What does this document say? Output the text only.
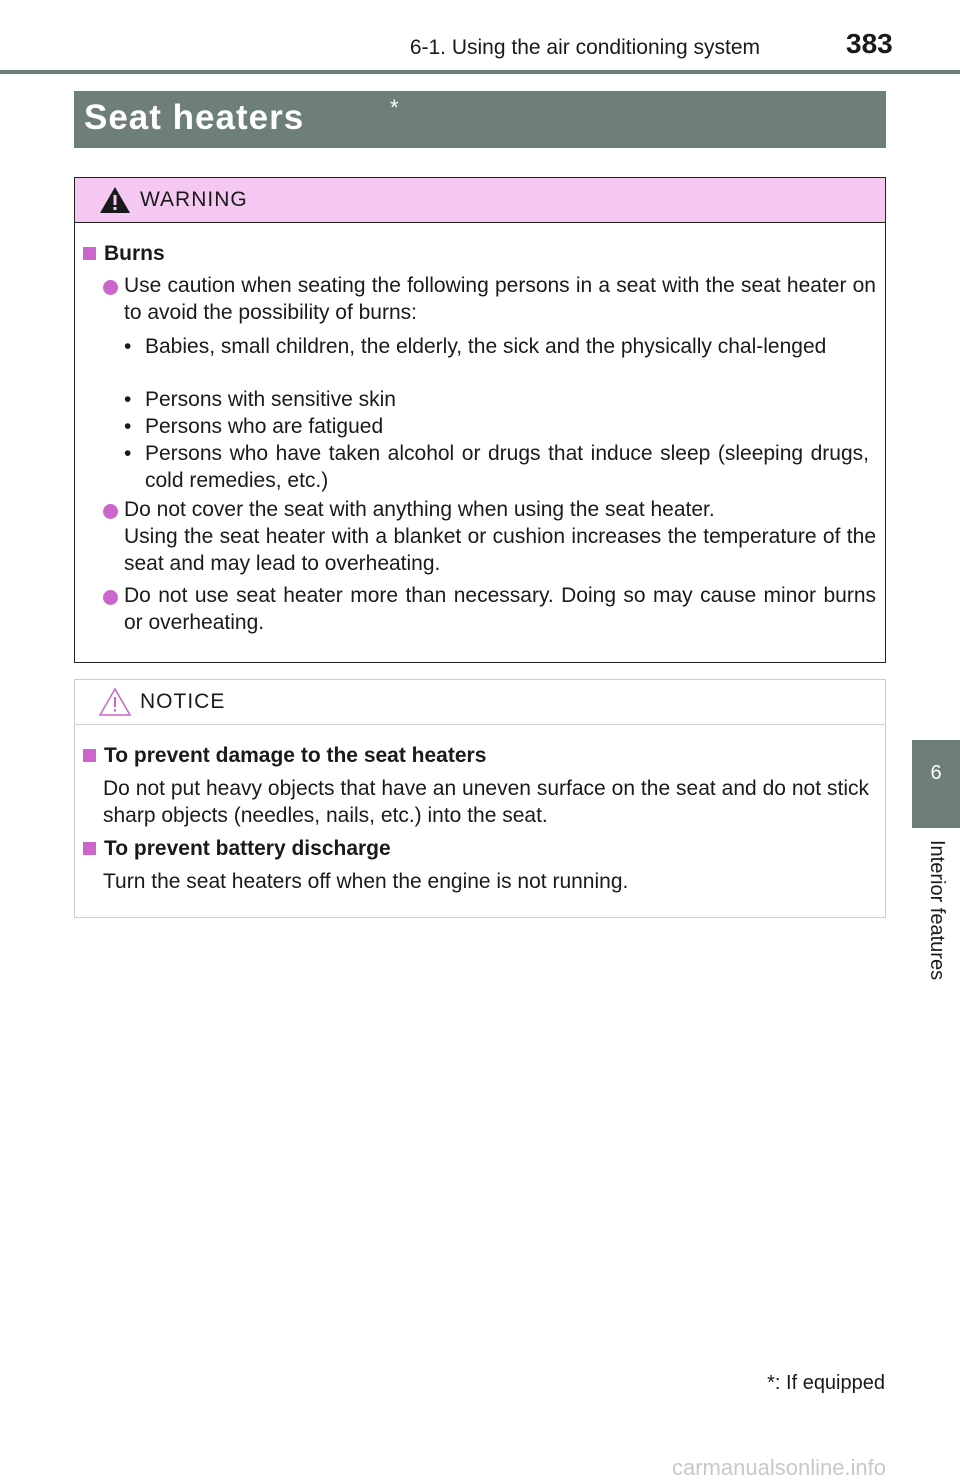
6-1. Using the air conditioning system	383
6
Interior features
Seat heaters	*
WARNING
Burns
Use caution when seating the following persons in a seat with the seat heater on to avoid the possibility of burns:
• Babies, small children, the elderly, the sick and the physically chal-lenged
• Persons with sensitive skin
• Persons who are fatigued
• Persons who have taken alcohol or drugs that induce sleep (sleeping drugs, cold remedies, etc.)
Do not cover the seat with anything when using the seat heater.
Using the seat heater with a blanket or cushion increases the temperature of the seat and may lead to overheating.
Do not use seat heater more than necessary. Doing so may cause minor burns or overheating.
NOTICE
To prevent damage to the seat heaters
Do not put heavy objects that have an uneven surface on the seat and do not stick sharp objects (needles, nails, etc.) into the seat.
To prevent battery discharge
Turn the seat heaters off when the engine is not running.
*: If equipped
carmanualsonline.info
